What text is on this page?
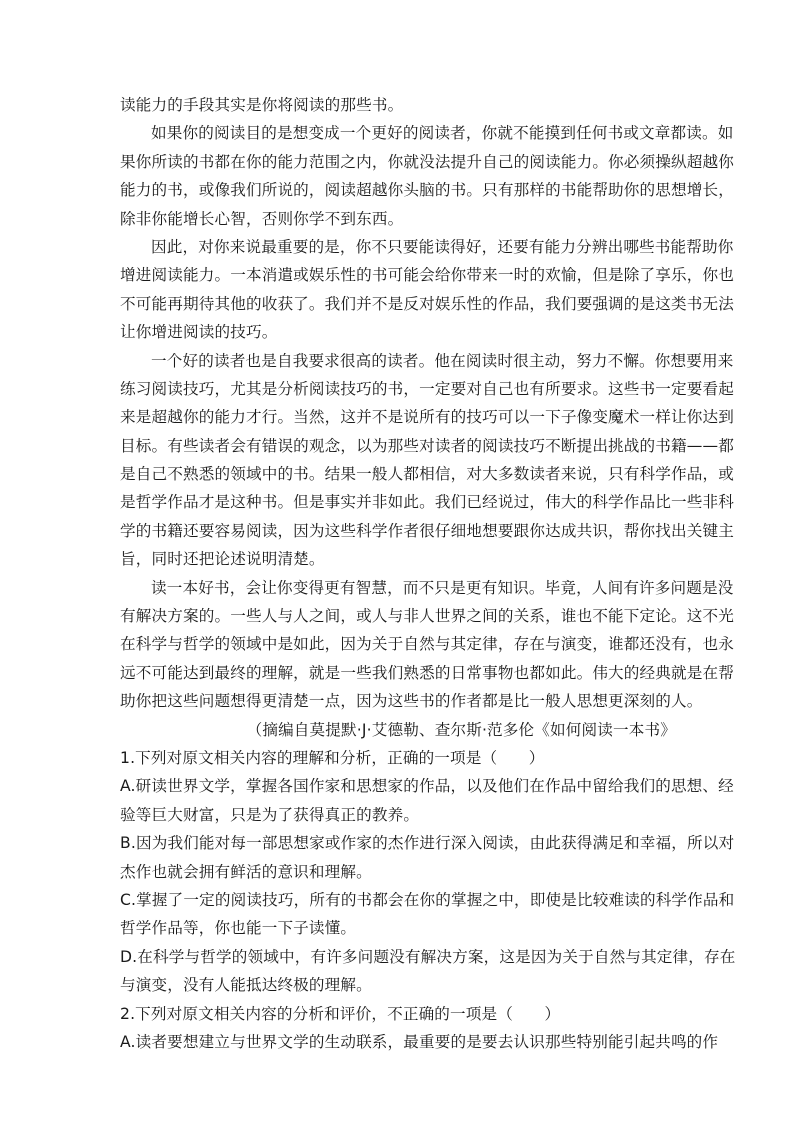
读能力的手段其实是你将阅读的那些书。
如果你的阅读目的是想变成一个更好的阅读者，你就不能摸到任何书或文章都读。如
果你所读的书都在你的能力范围之内，你就没法提升自己的阅读能力。你必须操纵超越你
能力的书，或像我们所说的，阅读超越你头脑的书。只有那样的书能帮助你的思想增长，
除非你能增长心智，否则你学不到东西。
因此，对你来说最重要的是，你不只要能读得好，还要有能力分辨出哪些书能帮助你
增进阅读能力。一本消遣或娱乐性的书可能会给你带来一时的欢愉，但是除了享乐，你也
不可能再期待其他的收获了。我们并不是反对娱乐性的作品，我们要强调的是这类书无法
让你增进阅读的技巧。
一个好的读者也是自我要求很高的读者。他在阅读时很主动，努力不懈。你想要用来
练习阅读技巧，尤其是分析阅读技巧的书，一定要对自己也有所要求。这些书一定要看起
来是超越你的能力才行。当然，这并不是说所有的技巧可以一下子像变魔术一样让你达到
目标。有些读者会有错误的观念，以为那些对读者的阅读技巧不断提出挑战的书籍——都
是自己不熟悉的领域中的书。结果一般人都相信，对大多数读者来说，只有科学作品，或
是哲学作品才是这种书。但是事实并非如此。我们已经说过，伟大的科学作品比一些非科
学的书籍还要容易阅读，因为这些科学作者很仔细地想要跟你达成共识，帮你找出关键主
旨，同时还把论述说明清楚。
读一本好书，会让你变得更有智慧，而不只是更有知识。毕竟，人间有许多问题是没
有解决方案的。一些人与人之间，或人与非人世界之间的关系，谁也不能下定论。这不光
在科学与哲学的领域中是如此，因为关于自然与其定律，存在与演变，谁都还没有，也永
远不可能达到最终的理解，就是一些我们熟悉的日常事物也都如此。伟大的经典就是在帮
助你把这些问题想得更清楚一点，因为这些书的作者都是比一般人思想更深刻的人。
（摘编自莫提默·J·艾德勒、查尔斯·范多伦《如何阅读一本书》
1.下列对原文相关内容的理解和分析，正确的一项是（　　）
A.研读世界文学，掌握各国作家和思想家的作品，以及他们在作品中留给我们的思想、经
验等巨大财富，只是为了获得真正的教养。
B.因为我们能对每一部思想家或作家的杰作进行深入阅读，由此获得满足和幸福，所以对
杰作也就会拥有鲜活的意识和理解。
C.掌握了一定的阅读技巧，所有的书都会在你的掌握之中，即使是比较难读的科学作品和
哲学作品等，你也能一下子读懂。
D.在科学与哲学的领域中，有许多问题没有解决方案，这是因为关于自然与其定律，存在
与演变，没有人能抵达终极的理解。
2.下列对原文相关内容的分析和评价，不正确的一项是（　　）
A.读者要想建立与世界文学的生动联系，最重要的是要去认识那些特别能引起共鸣的作
